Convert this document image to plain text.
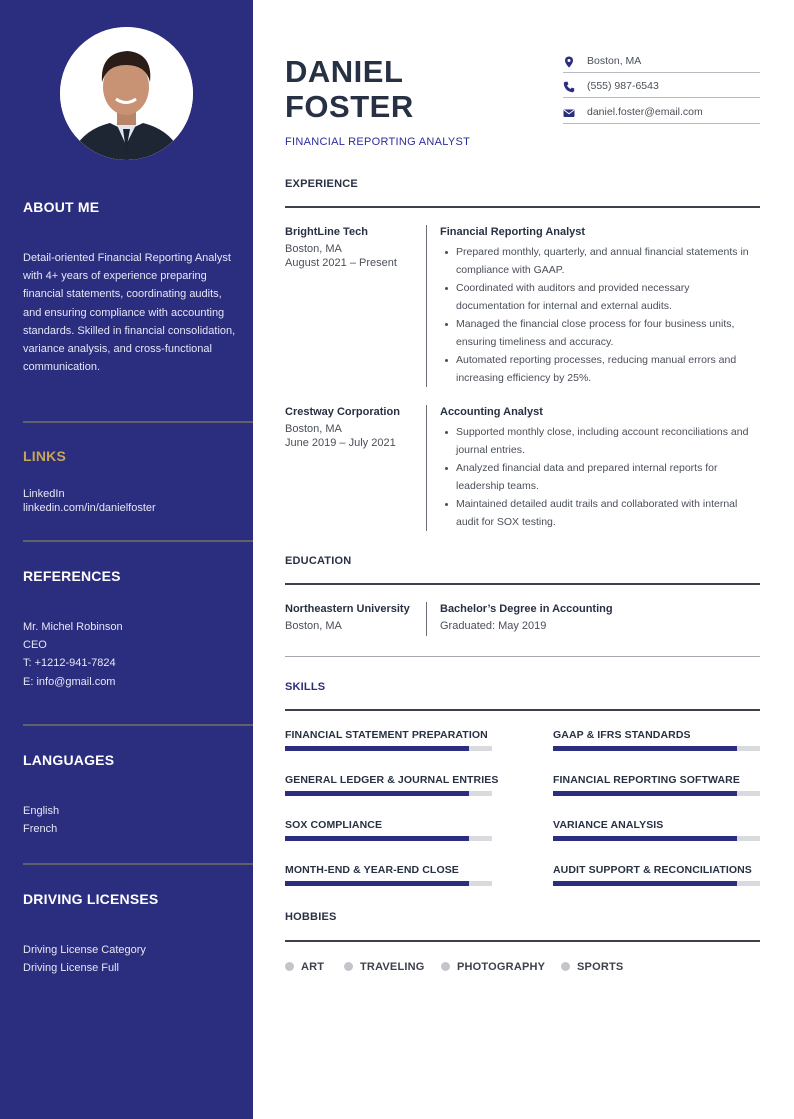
ABOUT ME

Detail-oriented Financial Reporting Analyst with 4+ years of experience preparing financial statements, coordinating audits, and ensuring compliance with accounting standards. Skilled in financial consolidation, variance analysis, and cross-functional communication.

LINKS

LinkedIn

linkedin.com/in/danielfoster

REFERENCES

Mr. Michel Robinson

CEO

T: +1212-941-7824

E: info@gmail.com

LANGUAGES

English

French

DRIVING LICENSES

Driving License Category

Driving License Full

DANIEL
FOSTER
FINANCIAL REPORTING ANALYST
Boston, MA
(555) 987-6543
daniel.foster@email.com
EXPERIENCE

BrightLine Tech

Boston, MA

August 2021 – Present

Financial Reporting Analyst

Prepared monthly, quarterly, and annual financial statements in compliance with GAAP.
Coordinated with auditors and provided necessary documentation for internal and external audits.
Managed the financial close process for four business units, ensuring timeliness and accuracy.
Automated reporting processes, reducing manual errors and increasing efficiency by 25%.

Crestway Corporation

Boston, MA

June 2019 – July 2021

Accounting Analyst

Supported monthly close, including account reconciliations and journal entries.
Analyzed financial data and prepared internal reports for leadership teams.
Maintained detailed audit trails and collaborated with internal audit for SOX testing.
EDUCATION

Northeastern University

Boston, MA

Bachelor’s Degree in Accounting

Graduated: May 2019

SKILLS
FINANCIAL STATEMENT PREPARATION	GAAP & IFRS STANDARDS
GENERAL LEDGER & JOURNAL ENTRIES	FINANCIAL REPORTING SOFTWARE
SOX COMPLIANCE	VARIANCE ANALYSIS
MONTH-END & YEAR-END CLOSE	AUDIT SUPPORT & RECONCILIATIONS
HOBBIES
ART	TRAVELING	PHOTOGRAPHY	SPORTS
